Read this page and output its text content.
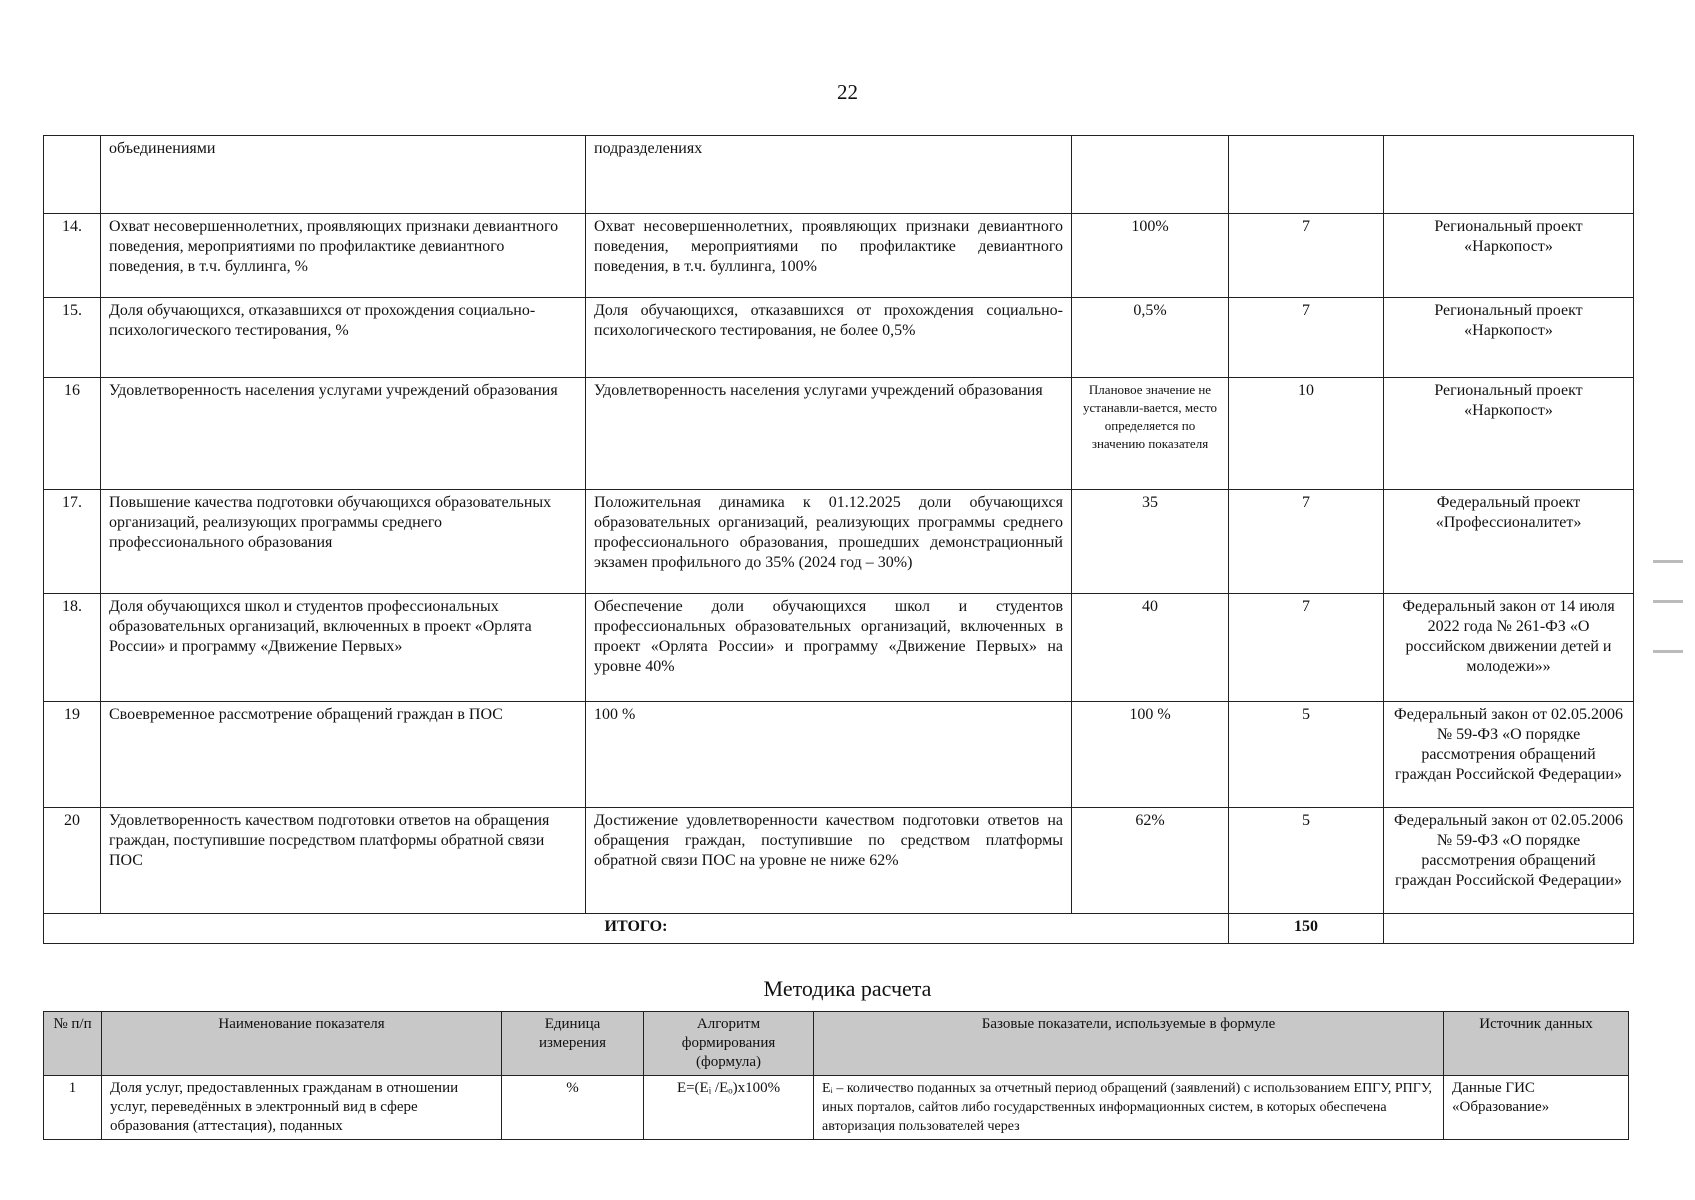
22
	объединениями	подразделениях			
14.	Охват несовершеннолетних, проявляющих признаки девиантного поведения, мероприятиями по профилактике девиантного поведения, в т.ч. буллинга, %	Охват несовершеннолетних, проявляющих признаки девиантного поведения, мероприятиями по профилактике девиантного поведения, в т.ч. буллинга, 100%	100%	7	Региональный проект «Наркопост»
15.	Доля обучающихся, отказавшихся от прохождения социально-психологического тестирования, %	Доля обучающихся, отказавшихся от прохождения социально-психологического тестирования, не более 0,5%	0,5%	7	Региональный проект «Наркопост»
16	Удовлетворенность населения услугами учреждений образования	Удовлетворенность населения услугами учреждений образования	Плановое значение не устанавли-вается, место определяется по значению показателя	10	Региональный проект «Наркопост»
17.	Повышение качества подготовки обучающихся образовательных организаций, реализующих программы среднего профессионального образования	Положительная динамика к 01.12.2025 доли обучающихся образовательных организаций, реализующих программы среднего профессионального образования, прошедших демонстрационный экзамен профильного до 35% (2024 год – 30%)	35	7	Федеральный проект «Профессионалитет»
18.	Доля обучающихся школ и студентов профессиональных образовательных организаций, включенных в проект «Орлята России» и программу «Движение Первых»	Обеспечение доли обучающихся школ и студентов профессиональных образовательных организаций, включенных в проект «Орлята России» и программу «Движение Первых» на уровне 40%	40	7	Федеральный закон от 14 июля 2022 года № 261-ФЗ «О российском движении детей и молодежи»»
19	Своевременное рассмотрение обращений граждан в ПОС	100 %	100 %	5	Федеральный закон от 02.05.2006 № 59-ФЗ «О порядке рассмотрения обращений граждан Российской Федерации»
20	Удовлетворенность качеством подготовки ответов на обращения граждан, поступившие посредством платформы обратной связи ПОС	Достижение удовлетворенности качеством подготовки ответов на обращения граждан, поступившие по средством платформы обратной связи ПОС на уровне не ниже 62%	62%	5	Федеральный закон от 02.05.2006 № 59-ФЗ «О порядке рассмотрения обращений граждан Российской Федерации»
ИТОГО:				150	
Методика расчета
№ п/п	Наименование показателя	Единица измерения	Алгоритм формирования (формула)	Базовые показатели, используемые в формуле	Источник данных
1	Доля услуг, предоставленных гражданам в отношении услуг, переведённых в электронный вид в сфере образования (аттестация), поданных	%	E=(Eᵢ /Eₒ)x100%	Eᵢ – количество поданных за отчетный период обращений (заявлений) с использованием ЕПГУ, РПГУ, иных порталов, сайтов либо государственных информационных систем, в которых обеспечена авторизация пользователей через	Данные ГИС «Образование»
